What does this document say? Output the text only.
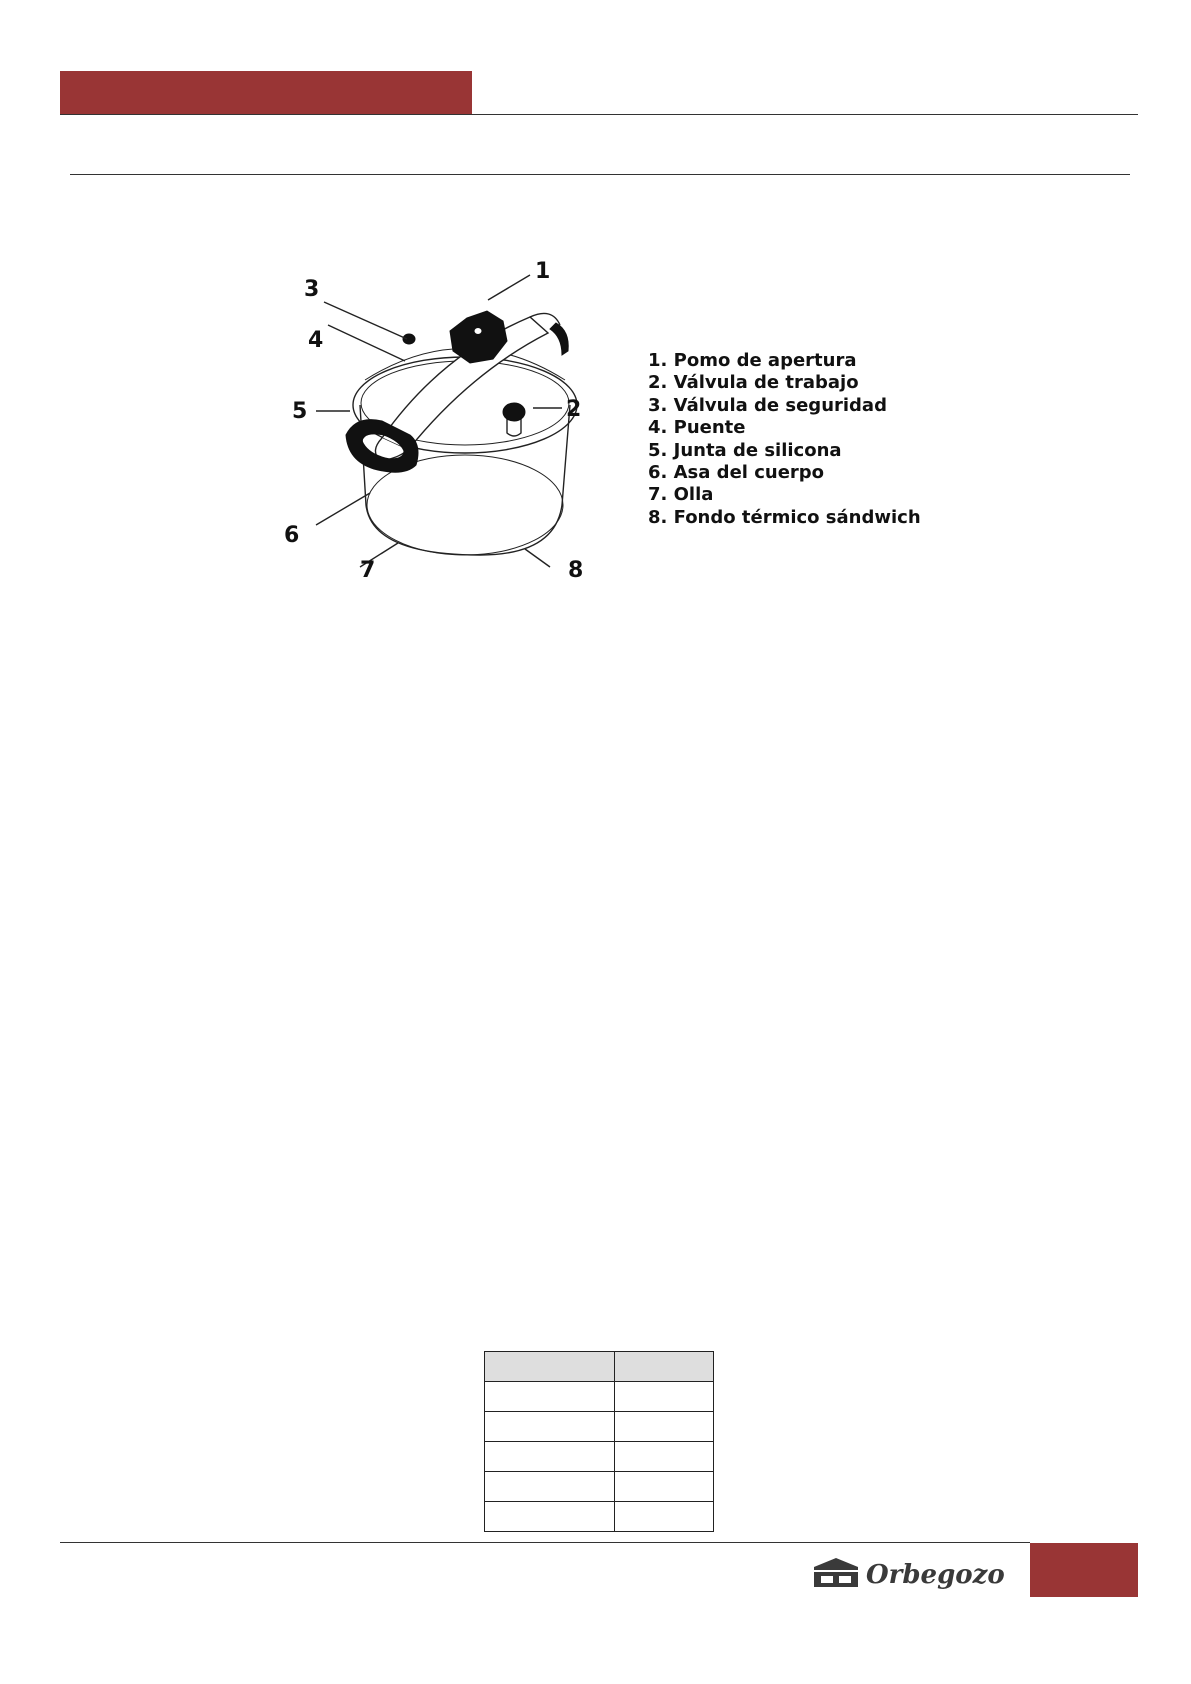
1
2
3
4
5
6
7	8
1. Pomo de apertura
2. Válvula de trabajo
3. Válvula de seguridad
4. Puente
5. Junta de silicona
6. Asa del cuerpo
7. Olla
8. Fondo térmico sándwich

Orbegozo
